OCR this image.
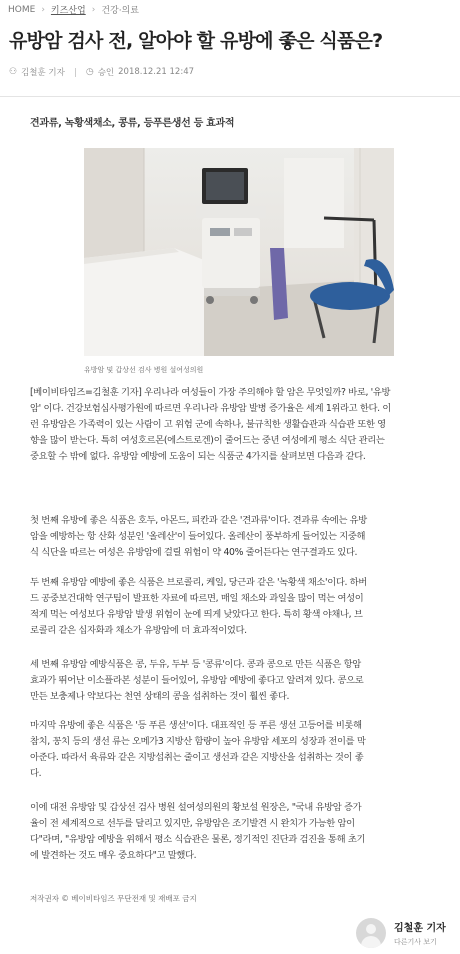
HOME › 키즈산업 › 건강·의료
유방암 검사 전, 알아야 할 유방에 좋은 식품은?
⚇ 김철훈 기자 ◷ 승인 2018.12.21 12:47
견과류, 녹황색채소, 콩류, 등푸른생선 등 효과적
유방암 및 갑상선 검사 병원 설여성의원
[베이비타임즈=김철훈 기자] 우리나라 여성들이 가장 주의해야 할 암은 무엇일까? 바로, '유방
암' 이다. 건강보험심사평가원에 따르면 우리나라 유방암 발병 증가율은 세계 1위라고 한다. 이
런 유방암은 가족력이 있는 사람이 고 위험 군에 속하나, 불규칙한 생활습관과 식습관 또한 영
향을 많이 받는다. 특히 여성호르몬(에스트로겐)이 줄어드는 중년 여성에게 평소 식단 관리는
중요할 수 밖에 없다. 유방암 예방에 도움이 되는 식품군 4가지를 살펴보면 다음과 같다.
첫 번째 유방에 좋은 식품은 호두, 아몬드, 피칸과 같은 '견과류'이다. 견과류 속에는 유방
암을 예방하는 항 산화 성분인 '올레산'이 들어있다. 올레산이 풍부하게 들어있는 지중해
식 식단을 따르는 여성은 유방암에 걸릴 위험이 약 40% 줄어든다는 연구결과도 있다.
두 번째 유방암 예방에 좋은 식품은 브로콜리, 케일, 당근과 같은 '녹황색 채소'이다. 하버
드 공중보건대학 연구팀이 발표한 자료에 따르면, 매일 채소와 과일을 많이 먹는 여성이
적게 먹는 여성보다 유방암 발생 위험이 눈에 띄게 낮았다고 한다. 특히 황색 야채나, 브
로콜리 같은 십자화과 채소가 유방암에 더 효과적이었다.
세 번째 유방암 예방식품은 콩, 두유, 두부 등 '콩류'이다. 콩과 콩으로 만든 식품은 항암
효과가 뛰어난 이소플라본 성분이 들어있어, 유방암 예방에 좋다고 알려져 있다. 콩으로
만든 보충제나 약보다는 천연 상태의 콩을 섭취하는 것이 훨씬 좋다.
마지막 유방에 좋은 식품은 '등 푸른 생선'이다. 대표적인 등 푸른 생선 고등어를 비롯해
참치, 꽁치 등의 생선 류는 오메가3 지방산 함량이 높아 유방암 세포의 성장과 전이를 막
아준다. 따라서 육류와 같은 지방섭취는 줄이고 생선과 같은 지방산을 섭취하는 것이 좋
다.
이에 대전 유방암 및 갑상선 검사 병원 설여성의원의 황보설 원장은, "국내 유방암 증가
율이 전 세계적으로 선두를 달리고 있지만, 유방암은 조기발견 시 완치가 가능한 암이
다"라며, "유방암 예방을 위해서 평소 식습관은 물론, 정기적인 진단과 검진을 통해 초기
에 발견하는 것도 매우 중요하다"고 말했다.
저작권자 © 베이비타임즈 무단전재 및 재배포 금지
김철훈 기자
다른기사 보기
